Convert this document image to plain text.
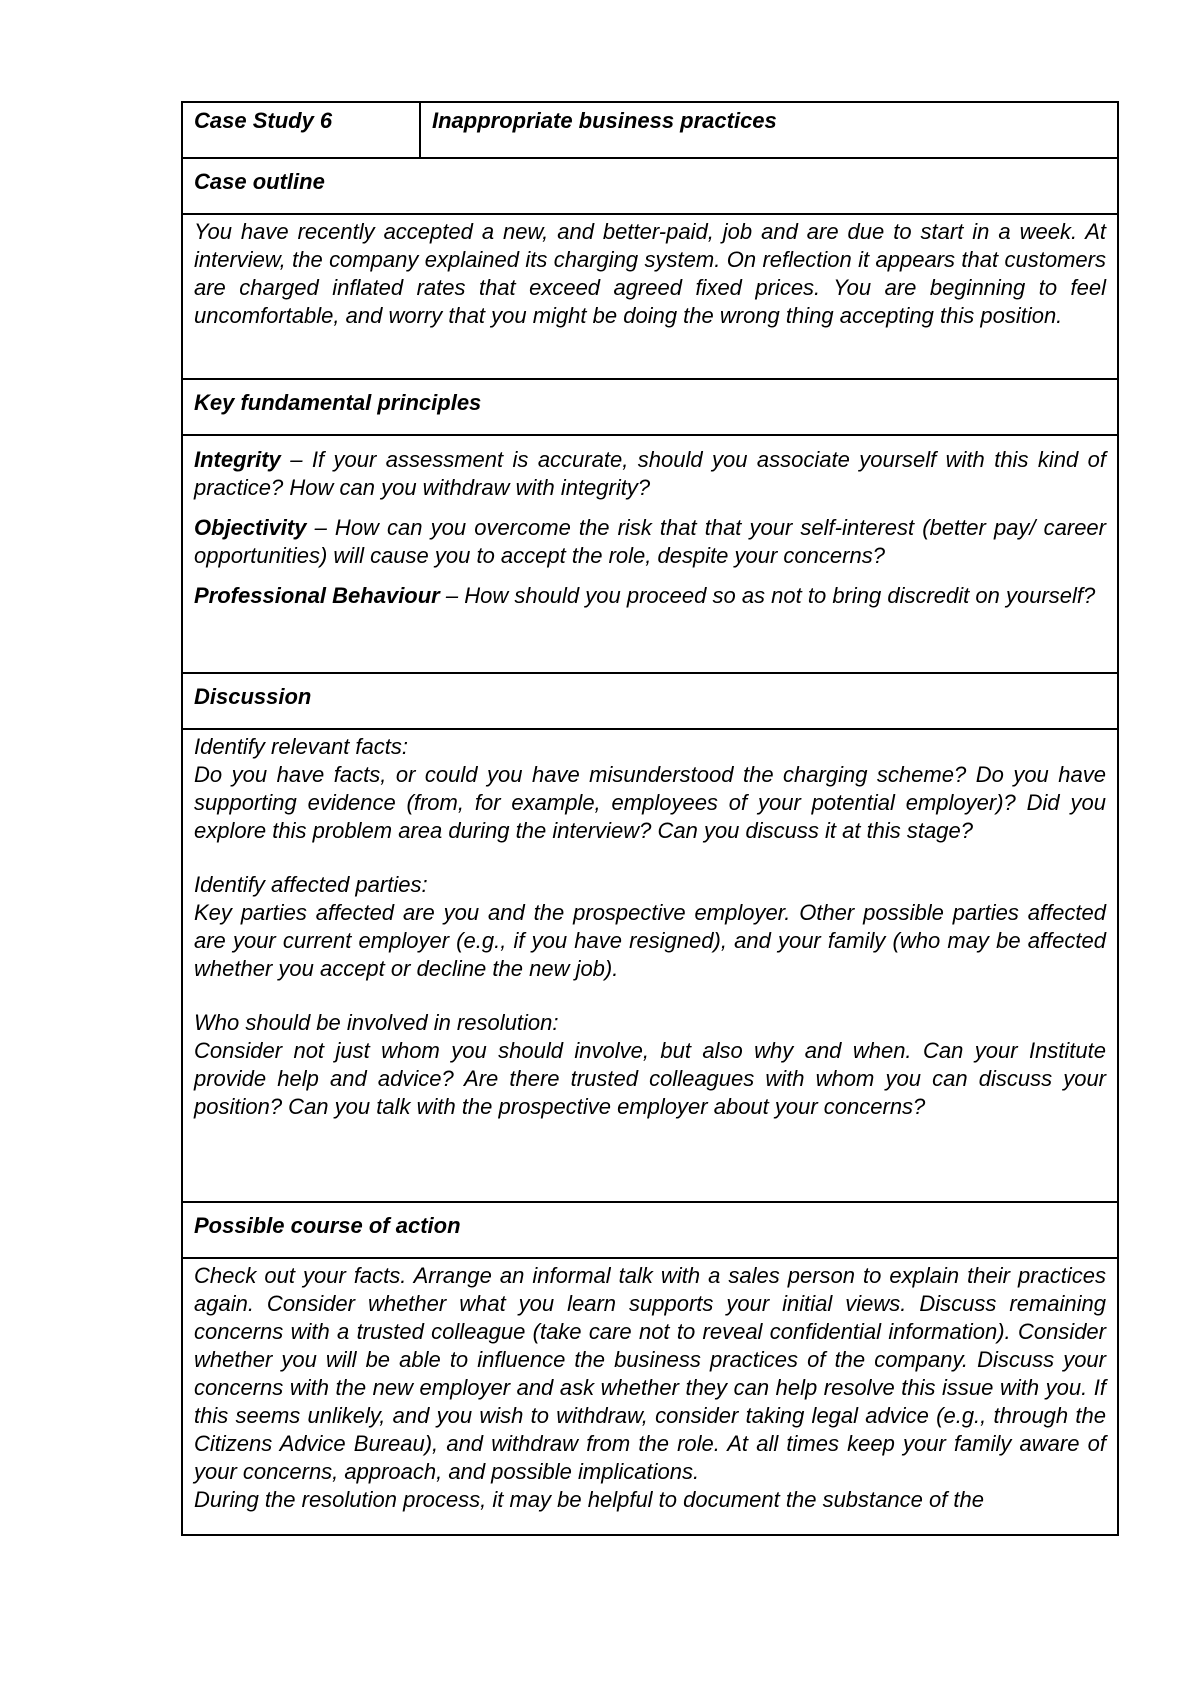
Case Study 6	Inappropriate business practices
Case outline
You have recently accepted a new, and better-paid, job and are due to start in a week. At interview, the company explained its charging system. On reflection it appears that customers are charged inflated rates that exceed agreed fixed prices. You are beginning to feel uncomfortable, and worry that you might be doing the wrong thing accepting this position.
Key fundamental principles

Integrity – If your assessment is accurate, should you associate yourself with this kind of practice? How can you withdraw with integrity?

Objectivity – How can you overcome the risk that that your self-interest (better pay/ career opportunities) will cause you to accept the role, despite your concerns?

Professional Behaviour – How should you proceed so as not to bring discredit on yourself?

Discussion

Identify relevant facts:

Do you have facts, or could you have misunderstood the charging scheme? Do you have supporting evidence (from, for example, employees of your potential employer)? Did you explore this problem area during the interview? Can you discuss it at this stage?

Identify affected parties:

Key parties affected are you and the prospective employer. Other possible parties affected are your current employer (e.g., if you have resigned), and your family (who may be affected whether you accept or decline the new job).

Who should be involved in resolution:

Consider not just whom you should involve, but also why and when. Can your Institute provide help and advice? Are there trusted colleagues with whom you can discuss your position? Can you talk with the prospective employer about your concerns?

Possible course of action

Check out your facts. Arrange an informal talk with a sales person to explain their practices again. Consider whether what you learn supports your initial views. Discuss remaining concerns with a trusted colleague (take care not to reveal confidential information). Consider whether you will be able to influence the business practices of the company. Discuss your concerns with the new employer and ask whether they can help resolve this issue with you. If this seems unlikely, and you wish to withdraw, consider taking legal advice (e.g., through the Citizens Advice Bureau), and withdraw from the role. At all times keep your family aware of your concerns, approach, and possible implications.

During the resolution process, it may be helpful to document the substance of the
